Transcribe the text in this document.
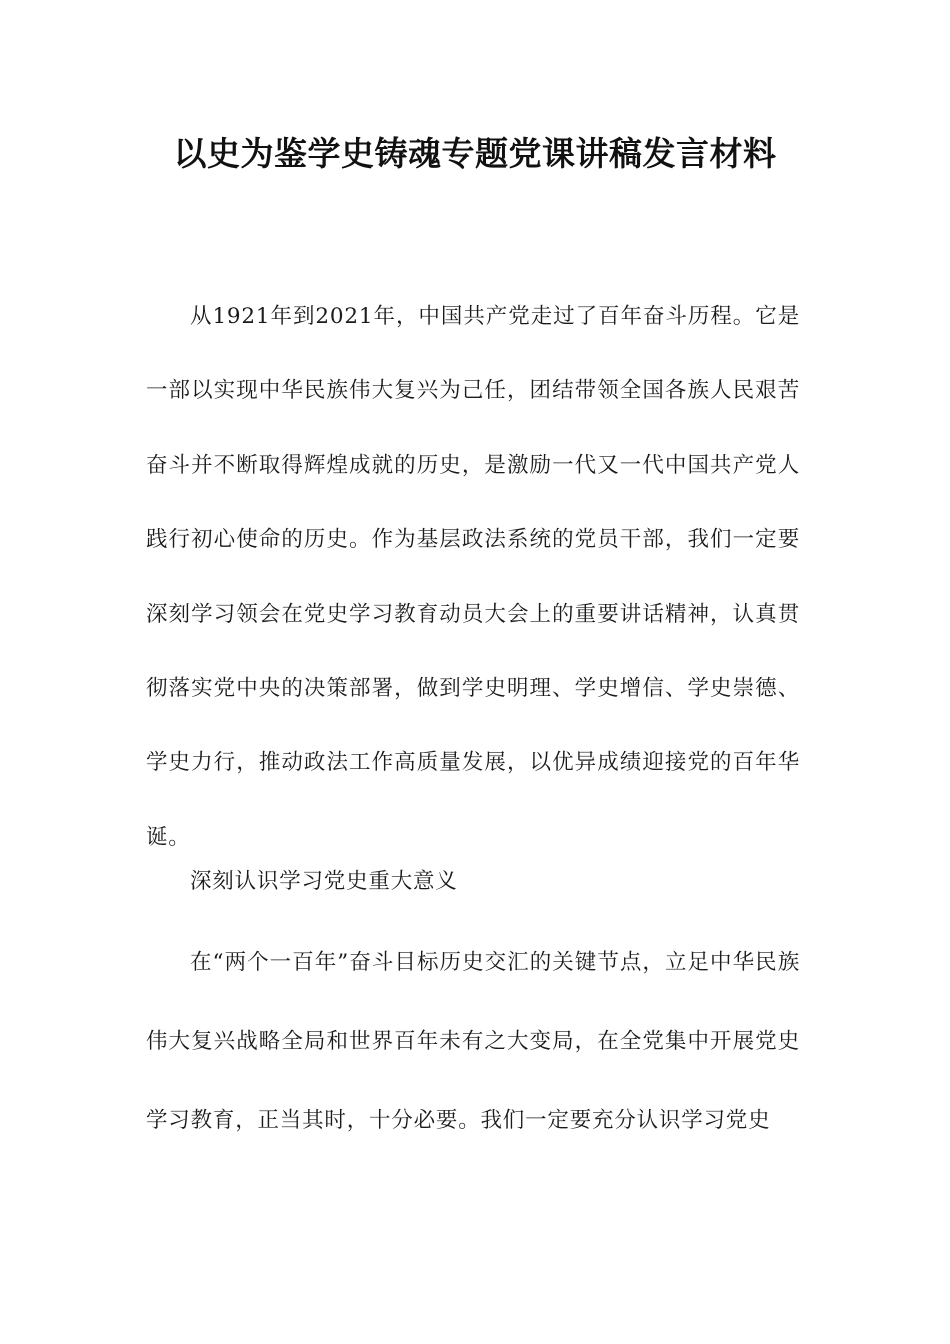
以史为鉴学史铸魂专题党课讲稿发言材料

从1921年到2021年，中国共产党走过了百年奋斗历程。它是一部以实现中华民族伟大复兴为己任，团结带领全国各族人民艰苦奋斗并不断取得辉煌成就的历史，是激励一代又一代中国共产党人践行初心使命的历史。作为基层政法系统的党员干部，我们一定要深刻学习领会在党史学习教育动员大会上的重要讲话精神，认真贯彻落实党中央的决策部署，做到学史明理、学史增信、学史崇德、学史力行，推动政法工作高质量发展，以优异成绩迎接党的百年华诞。

深刻认识学习党史重大意义

在“两个一百年”奋斗目标历史交汇的关键节点，立足中华民族伟大复兴战略全局和世界百年未有之大变局，在全党集中开展党史学习教育，正当其时，十分必要。我们一定要充分认识学习党史
